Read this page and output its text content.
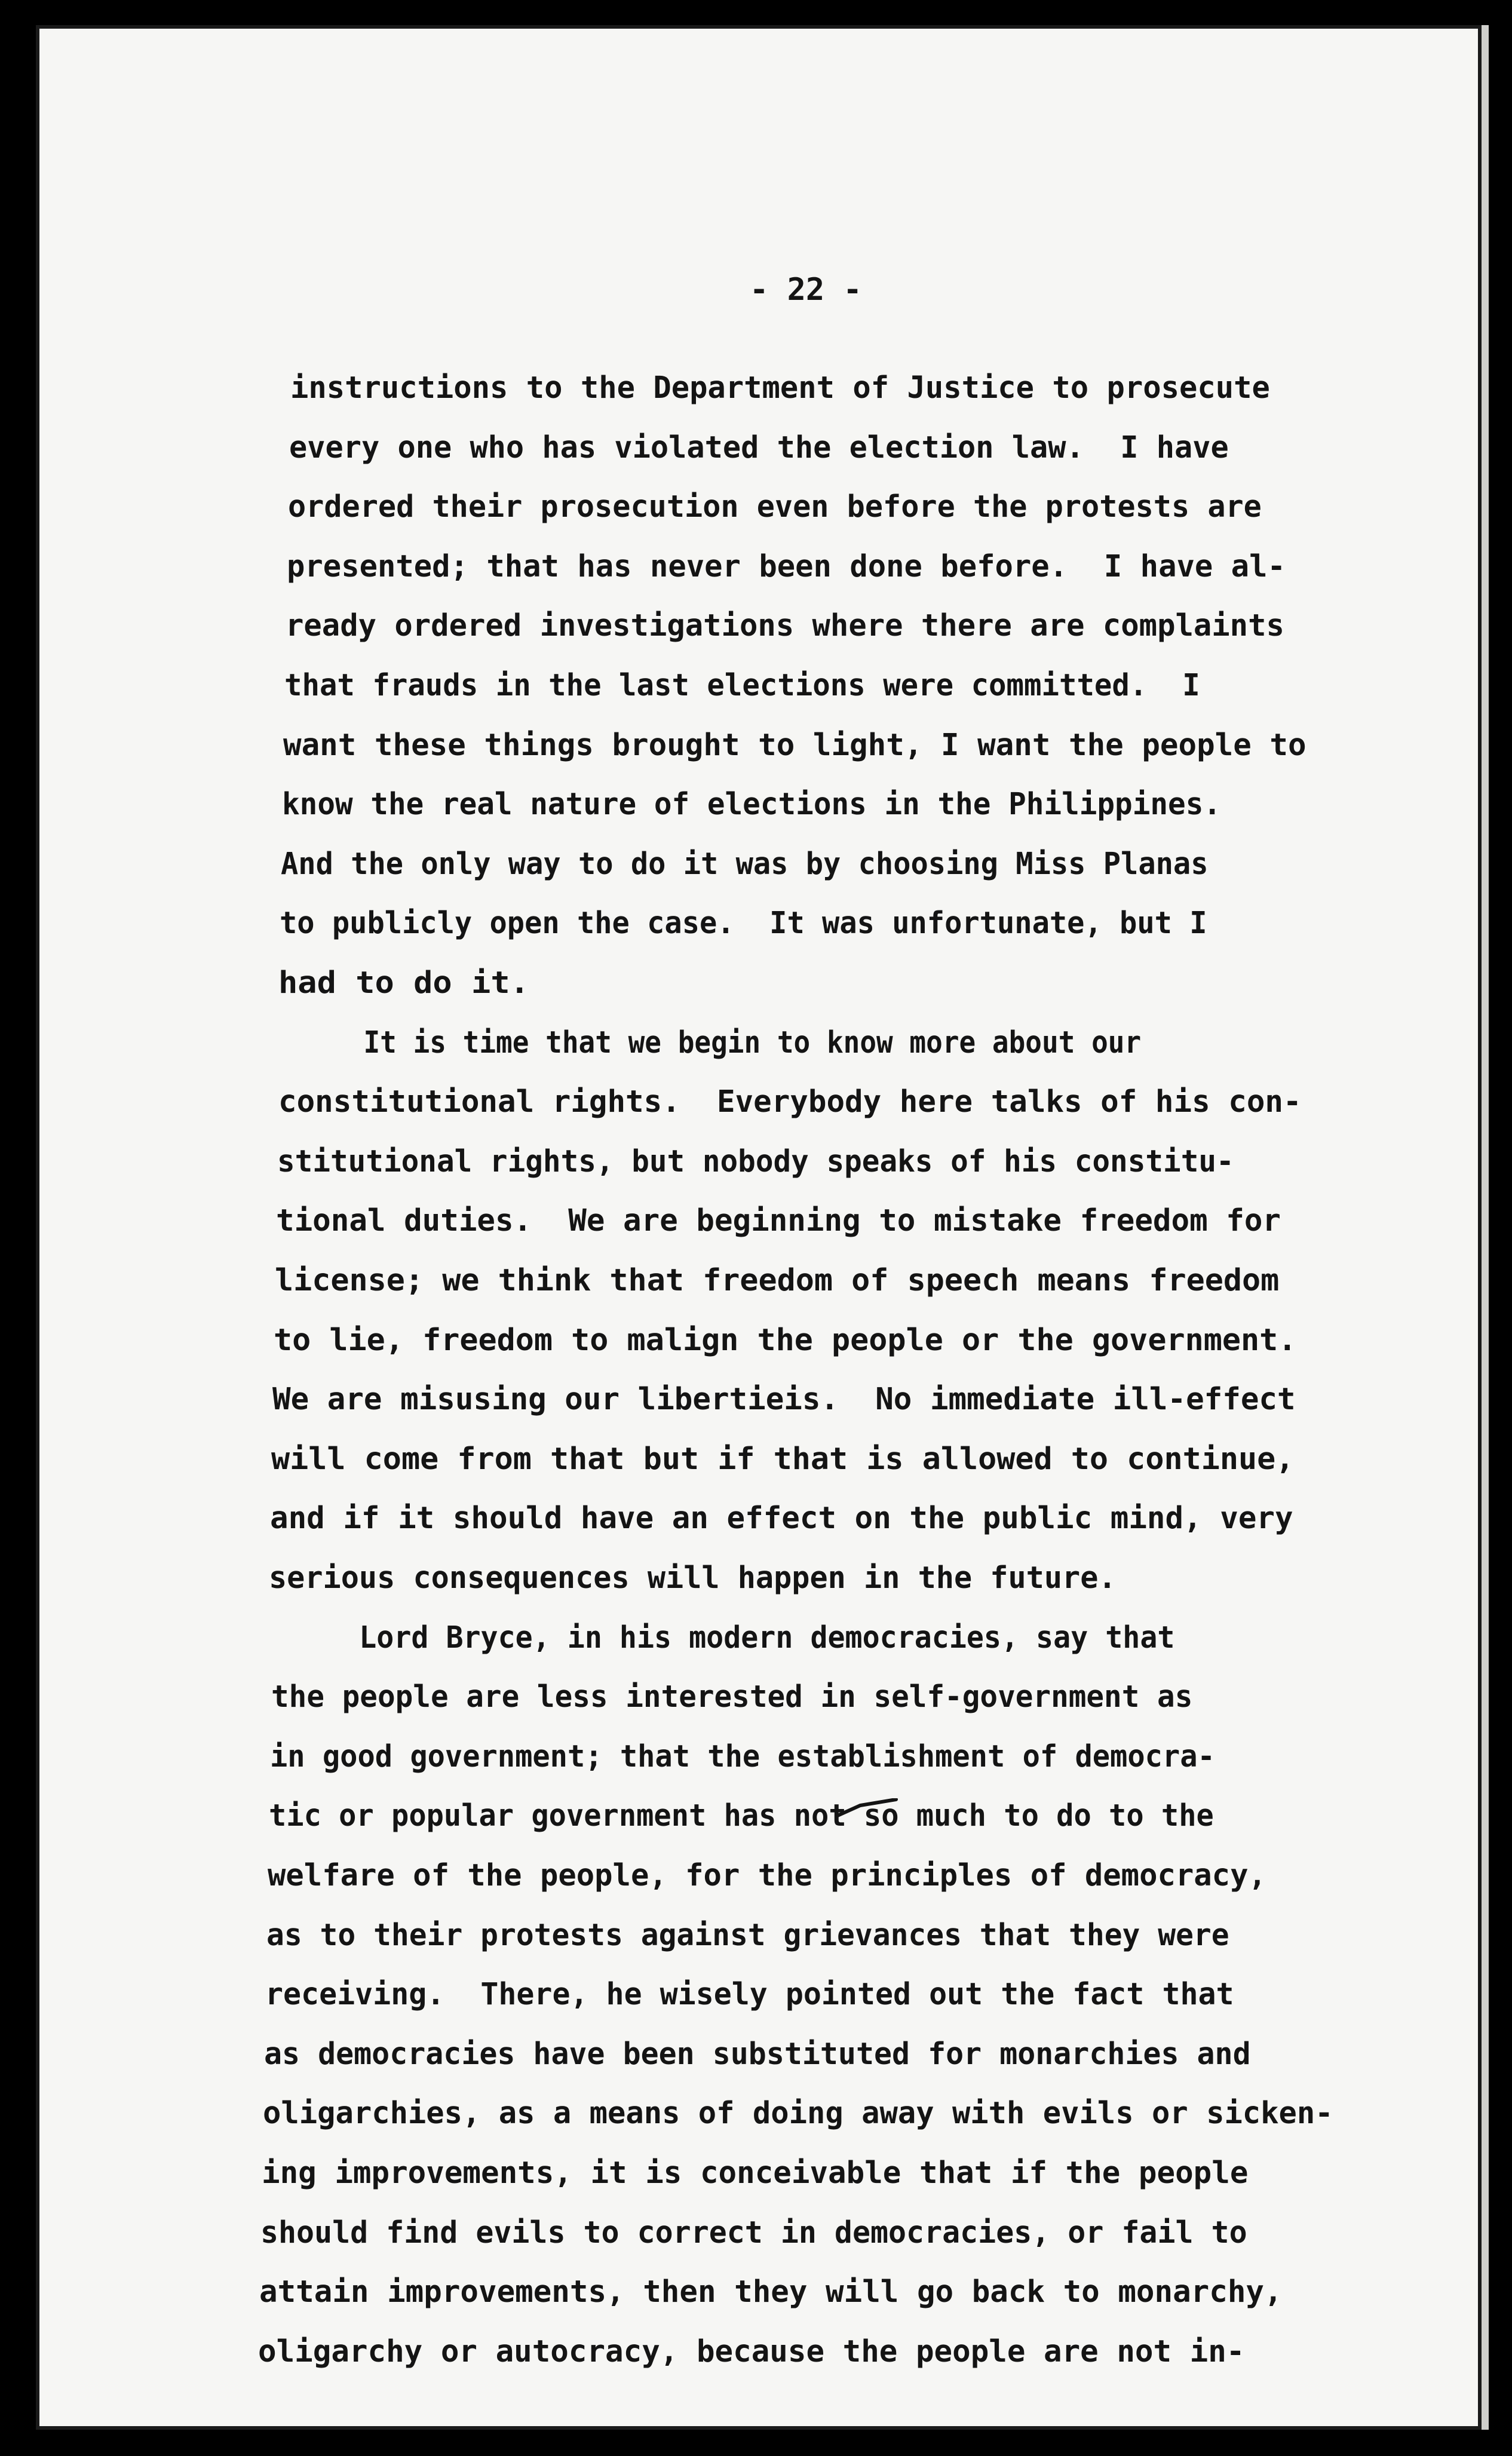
- 22 -
instructions to the Department of Justice to prosecute
every one who has violated the election law.  I have
ordered their prosecution even before the protests are
presented; that has never been done before.  I have al-
ready ordered investigations where there are complaints
that frauds in the last elections were committed.  I
want these things brought to light, I want the people to
know the real nature of elections in the Philippines.
And the only way to do it was by choosing Miss Planas
to publicly open the case.  It was unfortunate, but I
had to do it.
It is time that we begin to know more about our
constitutional rights.  Everybody here talks of his con-
stitutional rights, but nobody speaks of his constitu-
tional duties.  We are beginning to mistake freedom for
license; we think that freedom of speech means freedom
to lie, freedom to malign the people or the government.
We are misusing our libertieis.  No immediate ill-effect
will come from that but if that is allowed to continue,
and if it should have an effect on the public mind, very
serious consequences will happen in the future.
Lord Bryce, in his modern democracies, say that
the people are less interested in self-government as
in good government; that the establishment of democra-
tic or popular government has not so much to do to the
welfare of the people, for the principles of democracy,
as to their protests against grievances that they were
receiving.  There, he wisely pointed out the fact that
as democracies have been substituted for monarchies and
oligarchies, as a means of doing away with evils or sicken-
ing improvements, it is conceivable that if the people
should find evils to correct in democracies, or fail to
attain improvements, then they will go back to monarchy,
oligarchy or autocracy, because the people are not in-
